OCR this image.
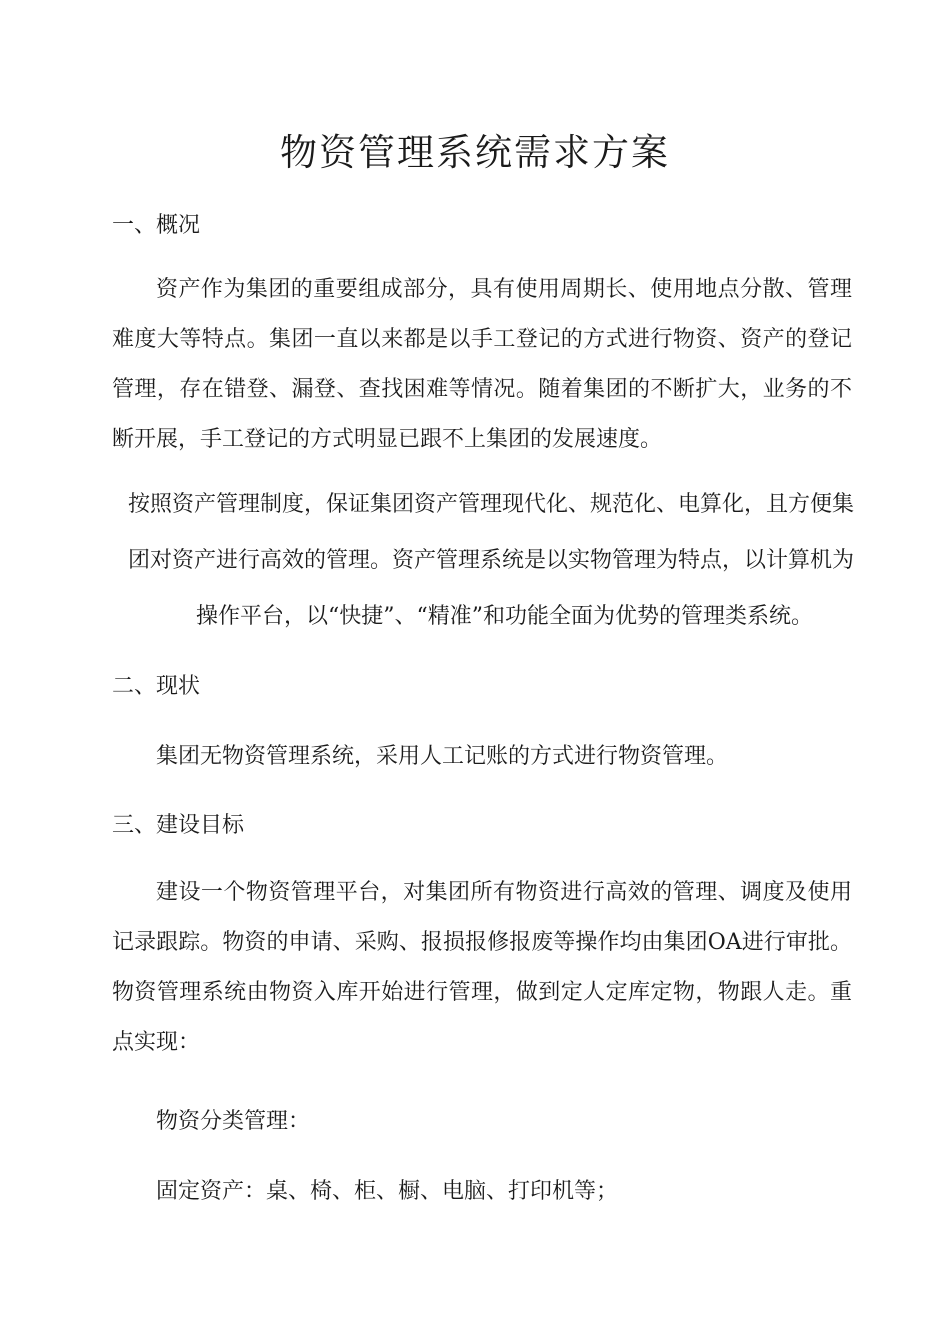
物资管理系统需求方案
一、概况

资产作为集团的重要组成部分，具有使用周期长、使用地点分散、管理难度大等特点。集团一直以来都是以手工登记的方式进行物资、资产的登记管理，存在错登、漏登、查找困难等情况。随着集团的不断扩大，业务的不断开展，手工登记的方式明显已跟不上集团的发展速度。

按照资产管理制度，保证集团资产管理现代化、规范化、电算化，且方便集

团对资产进行高效的管理。资产管理系统是以实物管理为特点，以计算机为

操作平台，以“快捷”、“精准”和功能全面为优势的管理类系统。

二、现状

集团无物资管理系统，采用人工记账的方式进行物资管理。

三、建设目标

建设一个物资管理平台，对集团所有物资进行高效的管理、调度及使用记录跟踪。物资的申请、采购、报损报修报废等操作均由集团OA进行审批。物资管理系统由物资入库开始进行管理，做到定人定库定物，物跟人走。重点实现：

物资分类管理：

固定资产：桌、椅、柜、橱、电脑、打印机等；
